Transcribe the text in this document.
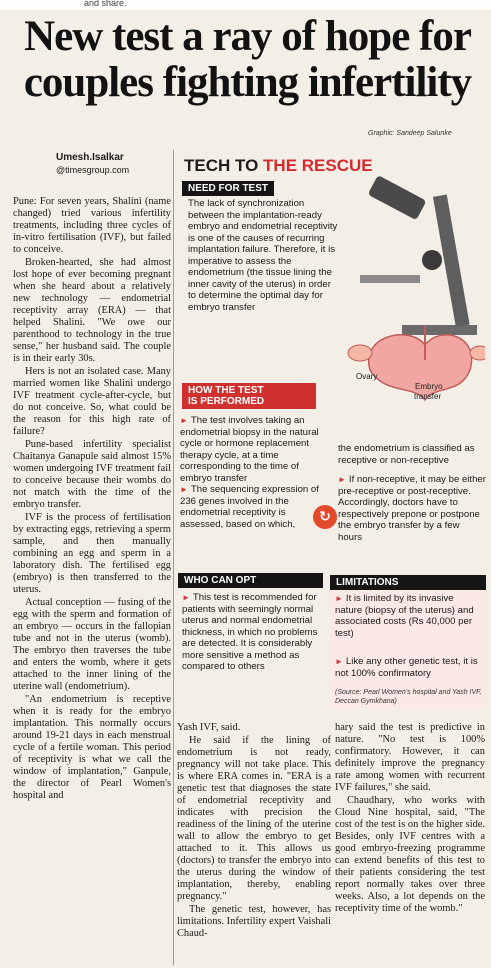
and share.
New test a ray of hope for
couples fighting infertility
Graphic: Sandeep Salunke
Umesh.Isalkar
@timesgroup.com

Pune: For seven years, Shalini (name changed) tried various infertility treatments, including three cycles of in-vitro fertilisation (IVF), but failed to conceive.

Broken-hearted, she had almost lost hope of ever becoming pregnant when she heard about a relatively new technology — endometrial receptivity array (ERA) — that helped Shalini. "We owe our parenthood to technology in the true sense," her husband said. The couple is in their early 30s.

Hers is not an isolated case. Many married women like Shalini undergo IVF treatment cycle-after-cycle, but do not conceive. So, what could be the reason for this high rate of failure?

Pune-based infertility specialist Chaitanya Ganapule said almost 15% women undergoing IVF treatment fail to conceive because their wombs do not match with the time of the embryo transfer.

IVF is the process of fertilisation by extracting eggs, retrieving a sperm sample, and then manually combining an egg and sperm in a laboratory dish. The fertilised egg (embryo) is then transferred to the uterus.

Actual conception — fusing of the egg with the sperm and formation of an embryo — occurs in the fallopian tube and not in the uterus (womb). The embryo then traverses the tube and enters the womb, where it gets attached to the inner lining of the uterine wall (endometrium).

"An endometrium is receptive when it is ready for the embryo implantation. This normally occurs around 19-21 days in each menstrual cycle of a fertile woman. This period of receptivity is what we call the window of implantation," Ganpule, the director of Pearl Women's hospital and

TECH TO THE RESCUE
NEED FOR TEST
The lack of synchronization between the implantation-ready embryo and endometrial receptivity is one of the causes of recurring implantation failure. Therefore, it is imperative to assess the endometrium (the tissue lining the inner cavity of the uterus) in order to determine the optimal day for embryo transfer
Ovary
Embryo
transfer
HOW THE TEST
IS PERFORMED
► The test involves taking an endometrial biopsy in the natural cycle or hormone replacement therapy cycle, at a time corresponding to the time of embryo transfer
► The sequencing expression of 236 genes involved in the endometrial receptivity is assessed, based on which,	↻
the endometrium is classified as receptive or non-receptive
► If non-receptive, it may be either pre-receptive or post-receptive. Accordingly, doctors have to respectively prepone or postpone the embryo transfer by a few hours
WHO CAN OPT
► This test is recommended for patients with seemingly normal uterus and normal endometrial thickness, in which no problems are detected. It is considerably more sensitive a method as compared to others
LIMITATIONS
► It is limited by its invasive nature (biopsy of the uterus) and associated costs (Rs 40,000 per test)
► Like any other genetic test, it is not 100% confirmatory
(Source: Pearl Women's hospital and Yash IVF, Deccan Gymkhana)

Yash IVF, said.

He said if the lining of endometrium is not ready, pregnancy will not take place. This is where ERA comes in. "ERA is a genetic test that diagnoses the state of endometrial receptivity and indicates with precision the readiness of the lining of the uterine wall to allow the embryo to get attached to it. This allows us (doctors) to transfer the embryo into the uterus during the window of implantation, thereby, enabling pregnancy."

The genetic test, however, has limitations. Infertility expert Vaishali Chaud-

hary said the test is predictive in nature. "No test is 100% confirmatory. However, it can definitely improve the pregnancy rate among women with recurrent IVF failures," she said.

Chaudhary, who works with Cloud Nine hospital, said, "The cost of the test is on the higher side. Besides, only IVF centres with a good embryo-freezing programme can extend benefits of this test to their patients considering the test report normally takes over three weeks. Also, a lot depends on the receptivity time of the womb."
